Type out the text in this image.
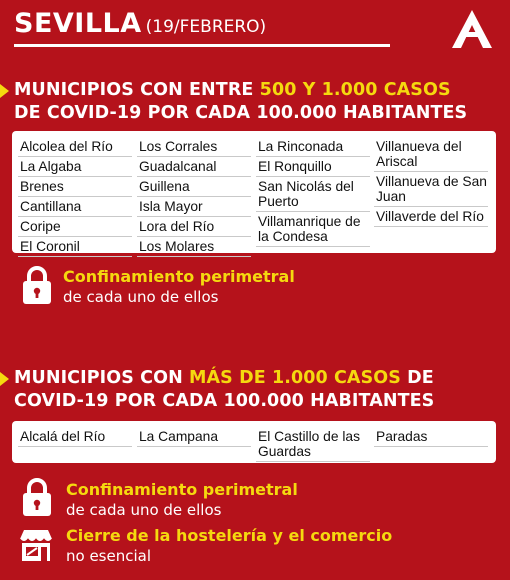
SEVILLA (19/FEBRERO)
MUNICIPIOS CON ENTRE 500 Y 1.000 CASOS
DE COVID-19 POR CADA 100.000 HABITANTES
Alcolea del Río
La Algaba
Brenes
Cantillana
Coripe
El Coronil
Los Corrales
Guadalcanal
Guillena
Isla Mayor
Lora del Río
Los Molares
La Rinconada
El Ronquillo
San Nicolás del Puerto
Villamanrique de la Condesa
Villanueva del Ariscal
Villanueva de San Juan
Villaverde del Río
Confinamiento perimetral
de cada uno de ellos
MUNICIPIOS CON MÁS DE 1.000 CASOS DE
COVID-19 POR CADA 100.000 HABITANTES
Alcalá del Río	La Campana	El Castillo de las Guardas
Paradas
Confinamiento perimetral
de cada uno de ellos
Cierre de la hostelería y el comercio
no esencial
